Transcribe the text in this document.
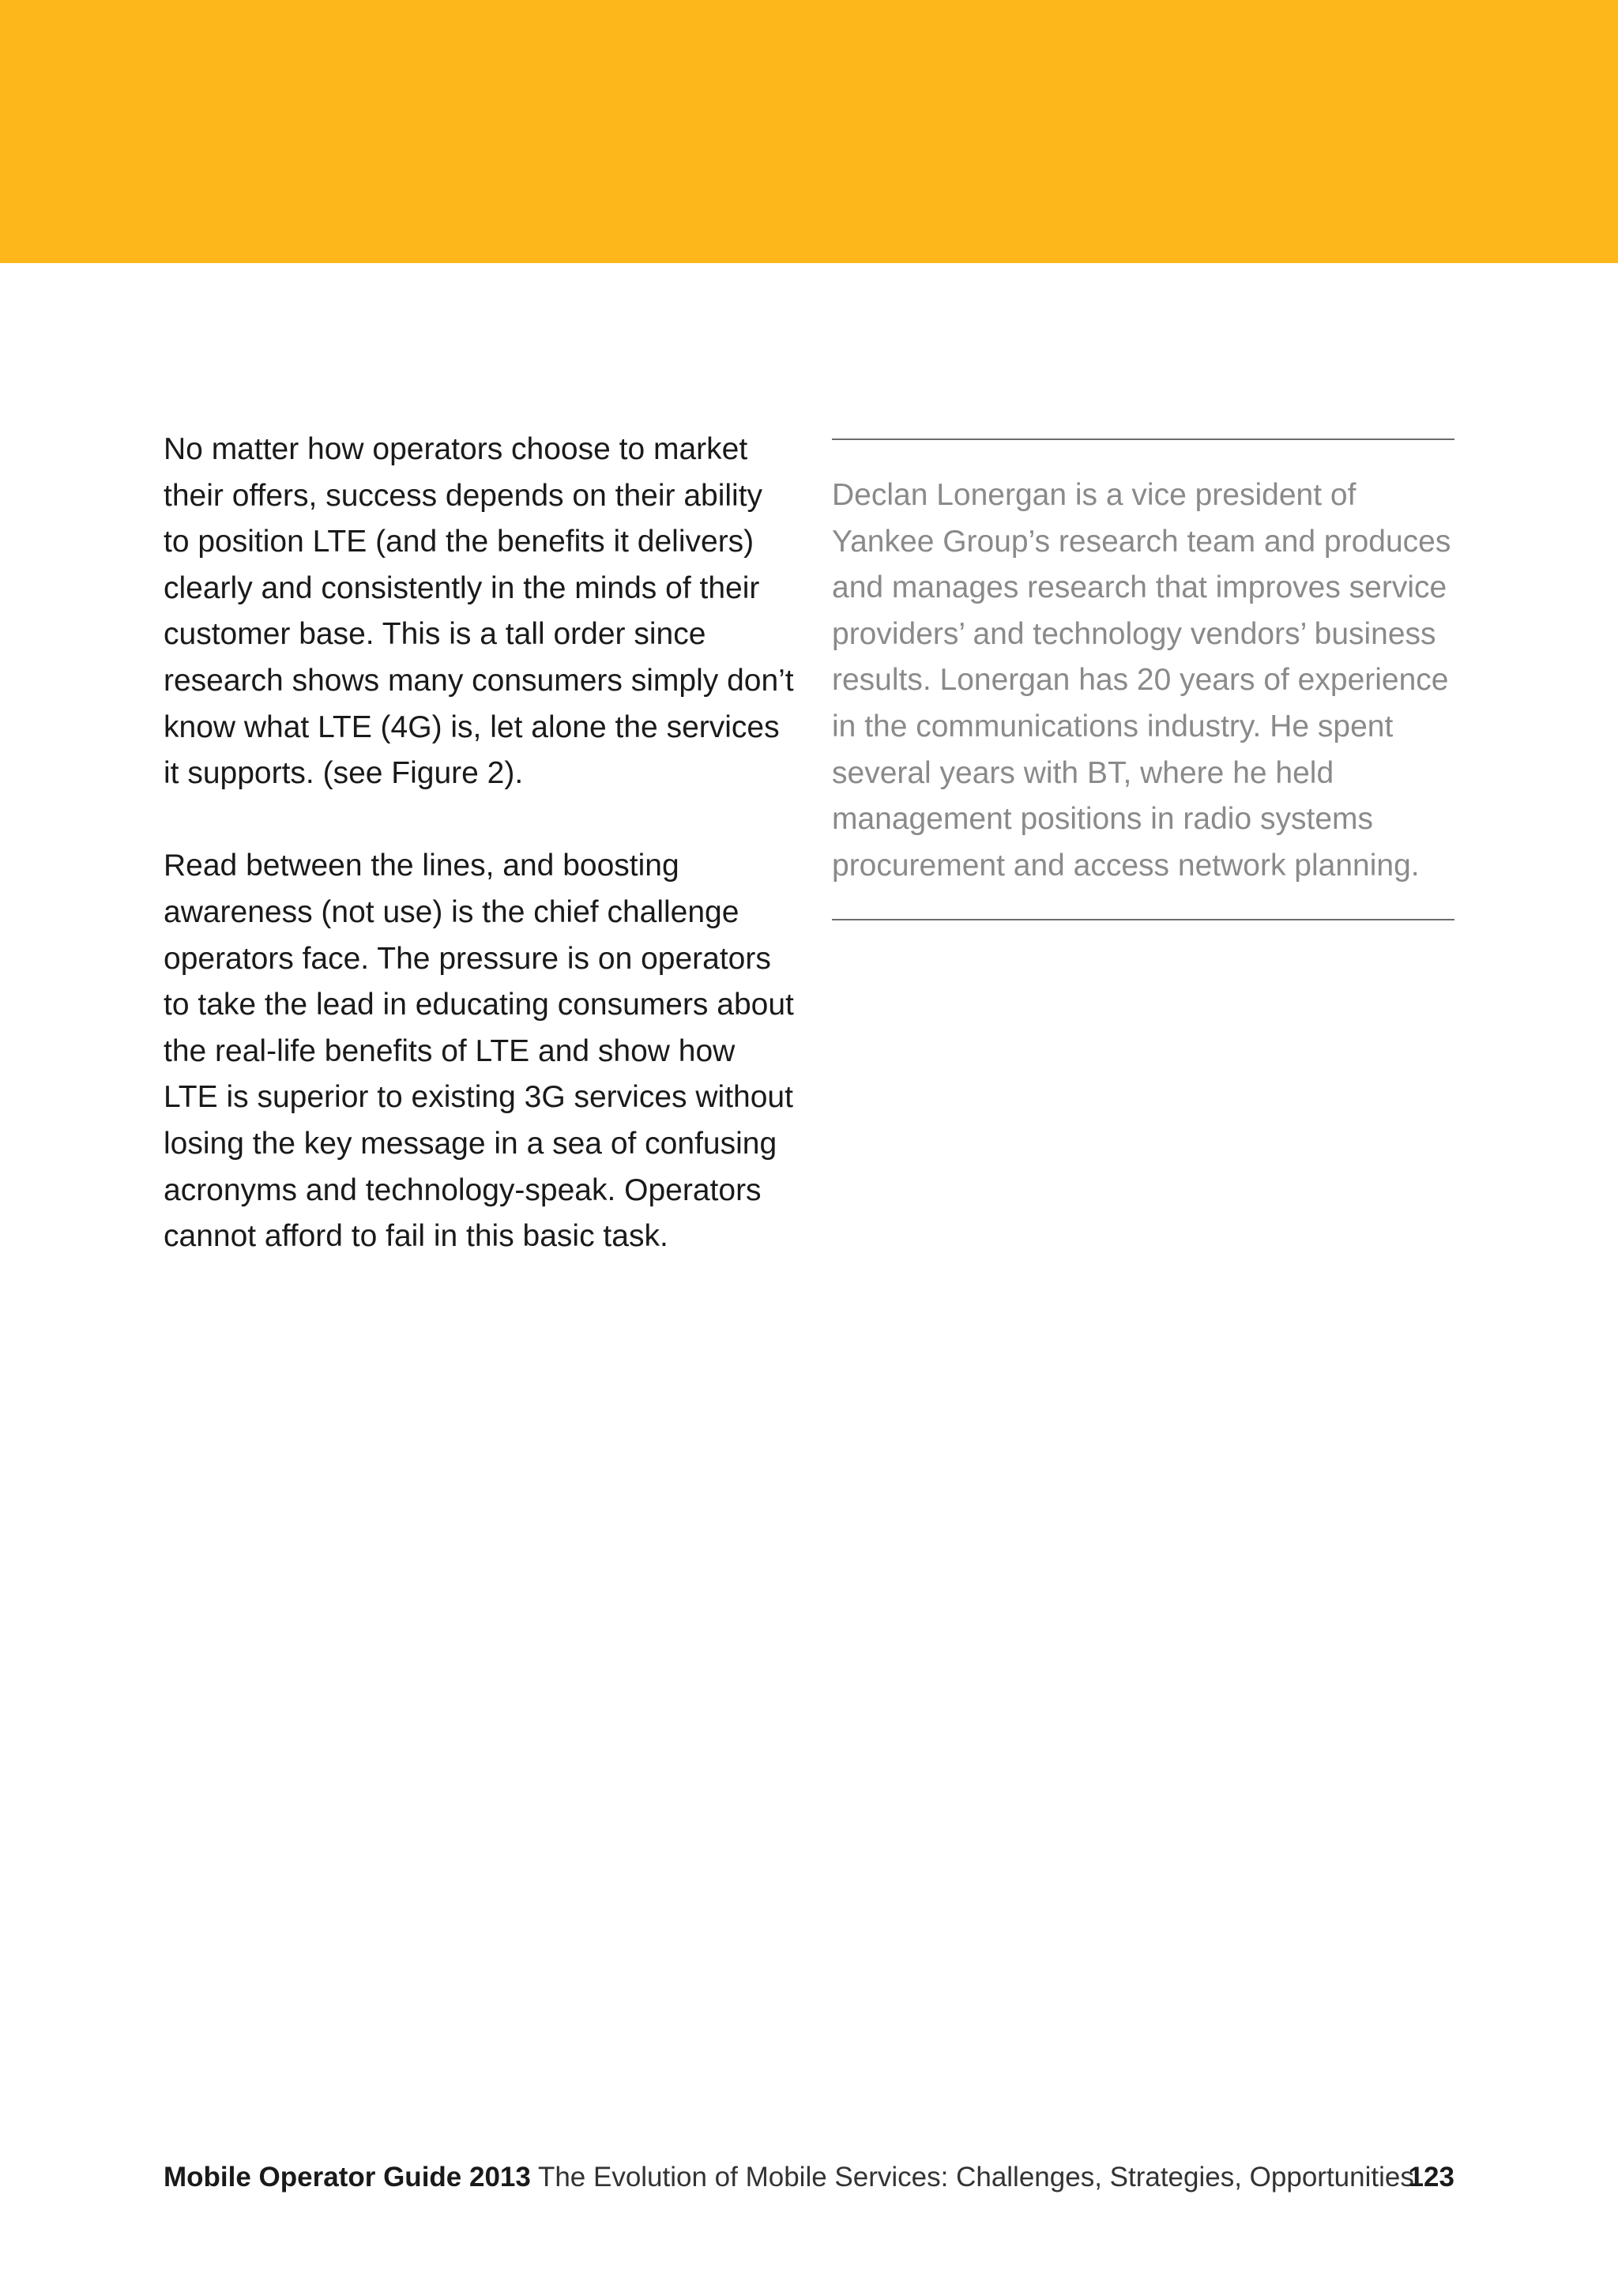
No matter how operators choose to market their offers, success depends on their ability to position LTE (and the benefits it delivers) clearly and consistently in the minds of their customer base. This is a tall order since research shows many consumers simply don’t know what LTE (4G) is, let alone the services it supports. (see Figure 2).

Read between the lines, and boosting awareness (not use) is the chief challenge operators face. The pressure is on operators to take the lead in educating consumers about the real-life benefits of LTE and show how LTE is superior to existing 3G services without losing the key message in a sea of confusing acronyms and technology-speak. Operators cannot afford to fail in this basic task.

Declan Lonergan is a vice president of Yankee Group’s research team and produces and manages research that improves service providers’ and technology vendors’ business results. Lonergan has 20 years of experience in the communications industry. He spent several years with BT, where he held management positions in radio systems procurement and access network planning.

Mobile Operator Guide 2013 The Evolution of Mobile Services: Challenges, Strategies, Opportunities
123
